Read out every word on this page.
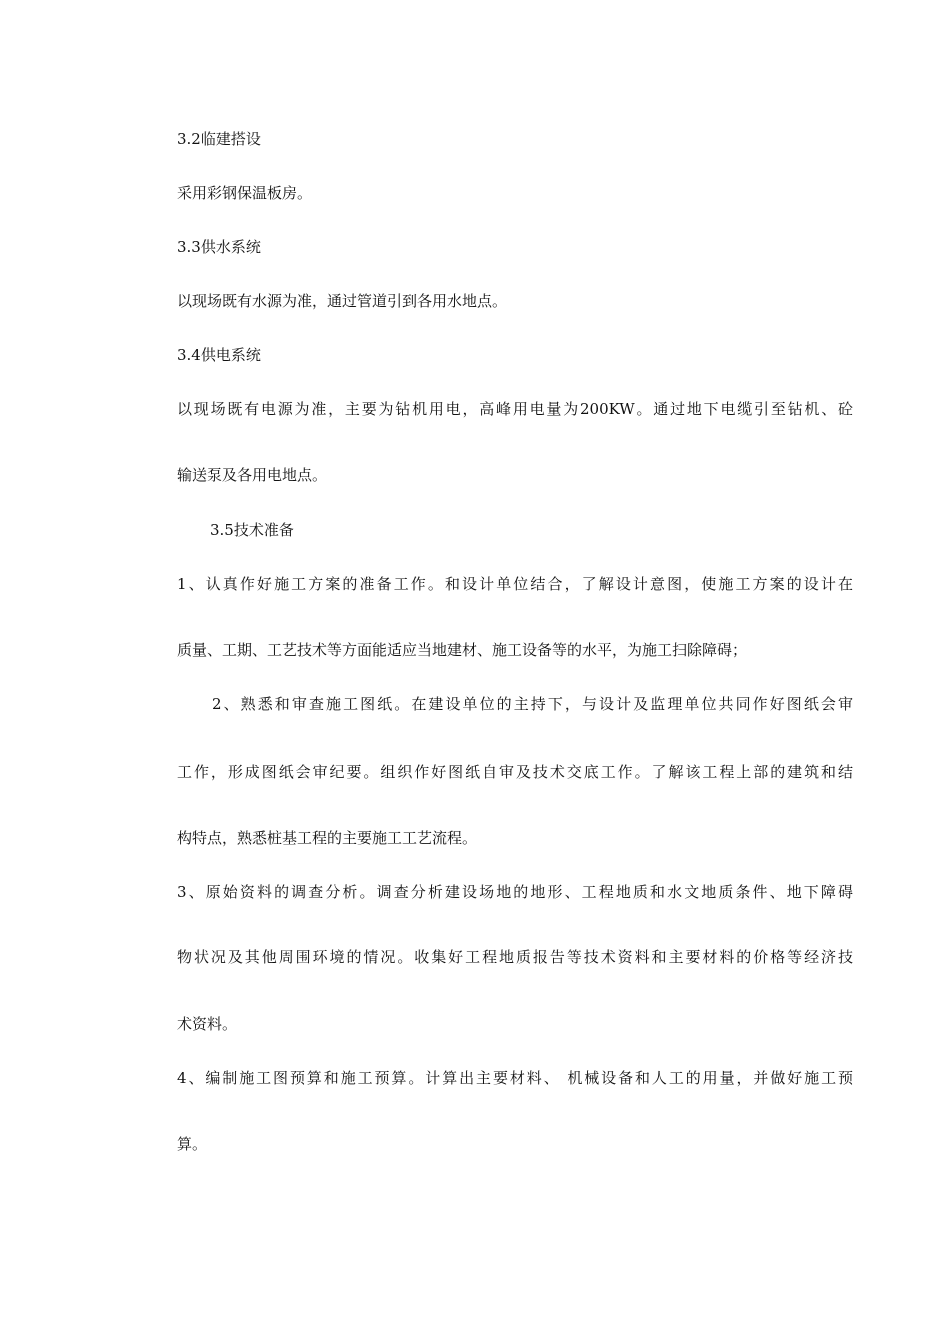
3.2临建搭设
采用彩钢保温板房。
3.3供水系统
以现场既有水源为准，通过管道引到各用水地点。
3.4供电系统
以现场既有电源为准，主要为钻机用电，高峰用电量为200KW。通过地下电缆引至钻机、砼
输送泵及各用电地点。
3.5技术准备
1、认真作好施工方案的准备工作。和设计单位结合，了解设计意图，使施工方案的设计在
质量、工期、工艺技术等方面能适应当地建材、施工设备等的水平，为施工扫除障碍；
2、熟悉和审查施工图纸。在建设单位的主持下，与设计及监理单位共同作好图纸会审
工作，形成图纸会审纪要。组织作好图纸自审及技术交底工作。了解该工程上部的建筑和结
构特点，熟悉桩基工程的主要施工工艺流程。
3、原始资料的调查分析。调查分析建设场地的地形、工程地质和水文地质条件、地下障碍
物状况及其他周围环境的情况。收集好工程地质报告等技术资料和主要材料的价格等经济技
术资料。
4、编制施工图预算和施工预算。计算出主要材料、 机械设备和人工的用量，并做好施工预
算。
